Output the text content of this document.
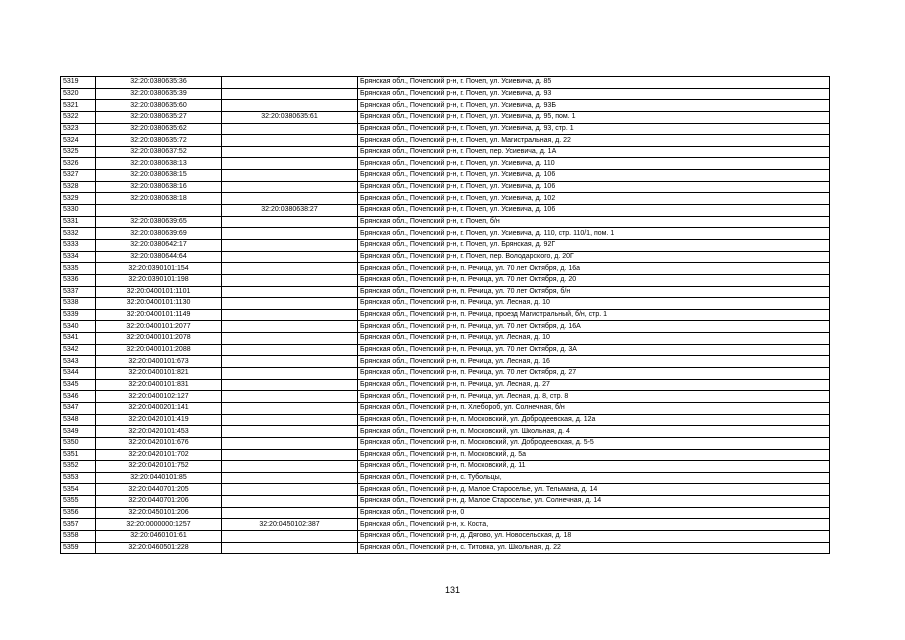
5319	32:20:0380635:36		Брянская обл., Почепский р-н, г. Почеп, ул. Усиевича, д. 85
5320	32:20:0380635:39		Брянская обл., Почепский р-н, г. Почеп, ул. Усиевича, д. 93
5321	32:20:0380635:60		Брянская обл., Почепский р-н, г. Почеп, ул. Усиевича, д. 93Б
5322	32:20:0380635:27	32:20:0380635:61	Брянская обл., Почепский р-н, г. Почеп, ул. Усиевича, д. 95, пом. 1
5323	32:20:0380635:62		Брянская обл., Почепский р-н, г. Почеп, ул. Усиевича, д. 93, стр. 1
5324	32:20:0380635:72		Брянская обл., Почепский р-н, г. Почеп, ул. Магистральная, д. 22
5325	32:20:0380637:52		Брянская обл., Почепский р-н, г. Почеп, пер. Усиевича, д. 1А
5326	32:20:0380638:13		Брянская обл., Почепский р-н, г. Почеп, ул. Усиевича, д. 110
5327	32:20:0380638:15		Брянская обл., Почепский р-н, г. Почеп, ул. Усиевича, д. 106
5328	32:20:0380638:16		Брянская обл., Почепский р-н, г. Почеп, ул. Усиевича, д. 106
5329	32:20:0380638:18		Брянская обл., Почепский р-н, г. Почеп, ул. Усиевича, д. 102
5330		32:20:0380638:27	Брянская обл., Почепский р-н, г. Почеп, ул. Усиевича, д. 106
5331	32:20:0380639:65		Брянская обл., Почепский р-н, г. Почеп, б/н
5332	32:20:0380639:69		Брянская обл., Почепский р-н, г. Почеп, ул. Усиевича, д. 110, стр. 110/1, пом. 1
5333	32:20:0380642:17		Брянская обл., Почепский р-н, г. Почеп, ул. Брянская, д. 92Г
5334	32:20:0380644:64		Брянская обл., Почепский р-н, г. Почеп, пер. Володарского, д. 20Г
5335	32:20:0390101:154		Брянская обл., Почепский р-н, п. Речица, ул. 70 лет Октября, д. 16а
5336	32:20:0390101:198		Брянская обл., Почепский р-н, п. Речица, ул. 70 лет Октября, д. 20
5337	32:20:0400101:1101		Брянская обл., Почепский р-н, п. Речица, ул. 70 лет Октября, б/н
5338	32:20:0400101:1130		Брянская обл., Почепский р-н, п. Речица, ул. Лесная, д. 10
5339	32:20:0400101:1149		Брянская обл., Почепский р-н, п. Речица, проезд Магистральный, б/н, стр. 1
5340	32:20:0400101:2077		Брянская обл., Почепский р-н, п. Речица, ул. 70 лет Октября, д. 16А
5341	32:20:0400101:2078		Брянская обл., Почепский р-н, п. Речица, ул. Лесная, д. 10
5342	32:20:0400101:2088		Брянская обл., Почепский р-н, п. Речица, ул. 70 лет Октября, д. 3А
5343	32:20:0400101:673		Брянская обл., Почепский р-н, п. Речица, ул. Лесная, д. 16
5344	32:20:0400101:821		Брянская обл., Почепский р-н, п. Речица, ул. 70 лет Октября, д. 27
5345	32:20:0400101:831		Брянская обл., Почепский р-н, п. Речица, ул. Лесная, д. 27
5346	32:20:0400102:127		Брянская обл., Почепский р-н, п. Речица, ул. Лесная, д. 8, стр. 8
5347	32:20:0400201:141		Брянская обл., Почепский р-н, п. Хлебороб, ул. Солнечная, б/н
5348	32:20:0420101:419		Брянская обл., Почепский р-н, п. Московский, ул. Добродеевская, д. 12а
5349	32:20:0420101:453		Брянская обл., Почепский р-н, п. Московский, ул. Школьная, д. 4
5350	32:20:0420101:676		Брянская обл., Почепский р-н, п. Московский, ул. Добродеевская, д. 5-5
5351	32:20:0420101:702		Брянская обл., Почепский р-н, п. Московский, д. 5а
5352	32:20:0420101:752		Брянская обл., Почепский р-н, п. Московский, д. 11
5353	32:20:0440101:85		Брянская обл., Почепский р-н, с. Тубольцы,
5354	32:20:0440701:205		Брянская обл., Почепский р-н, д. Малое Староселье, ул. Тельмана, д. 14
5355	32:20:0440701:206		Брянская обл., Почепский р-н, д. Малое Староселье, ул. Солнечная, д. 14
5356	32:20:0450101:206		Брянская обл., Почепский р-н, 0
5357	32:20:0000000:1257	32:20:0450102:387	Брянская обл., Почепский р-н, х. Коста,
5358	32:20:0460101:61		Брянская обл., Почепский р-н, д. Дягово, ул. Новосельская, д. 18
5359	32:20:0460501:228		Брянская обл., Почепский р-н, с. Титовка, ул. Школьная, д. 22
131
